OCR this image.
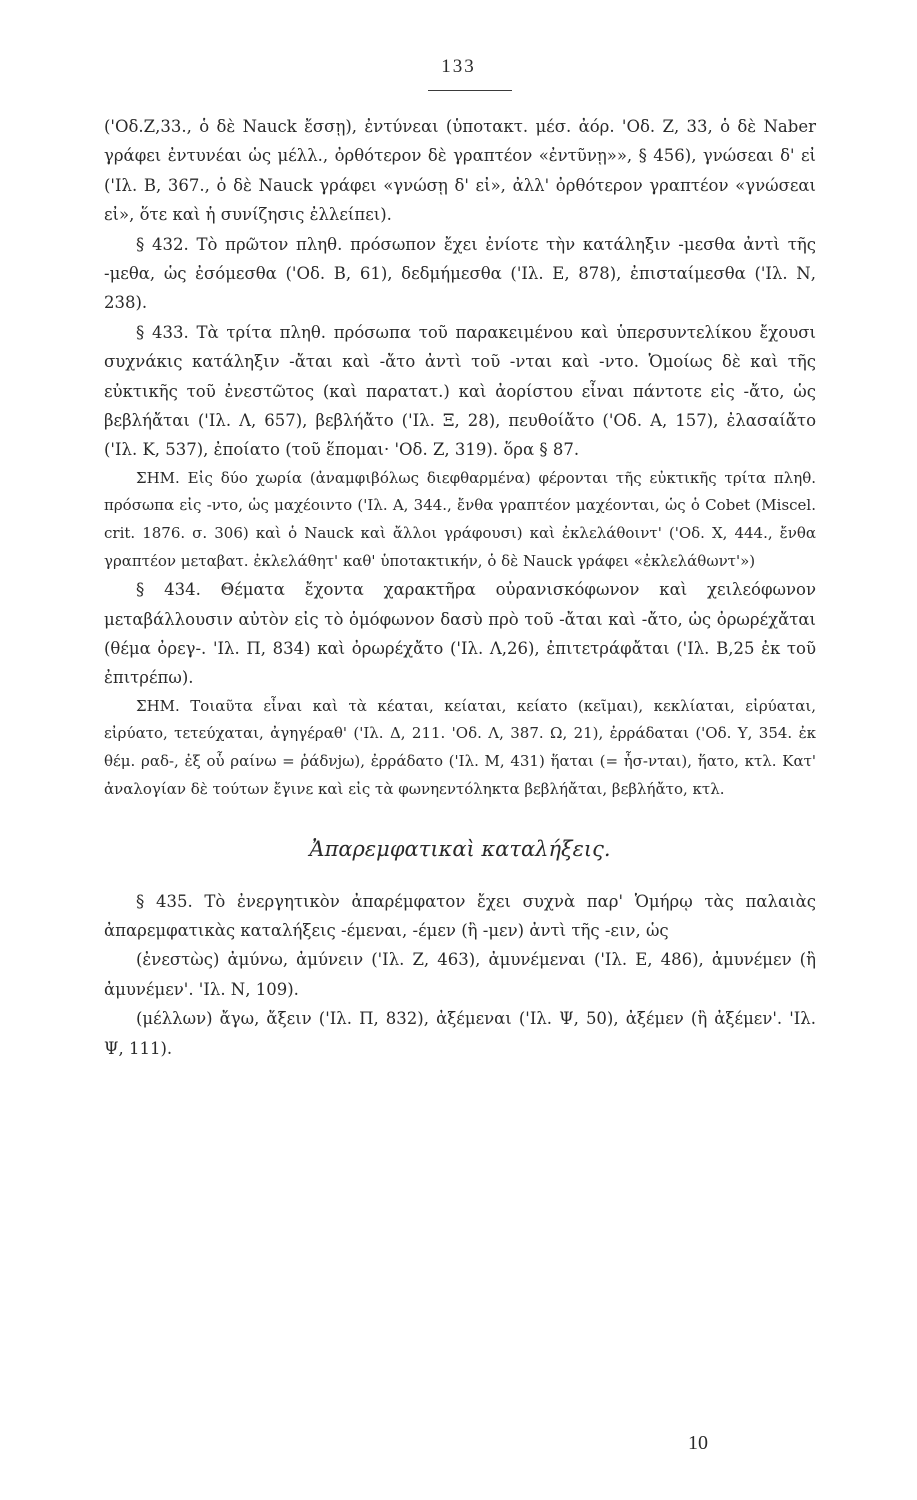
133

('Οδ.Ζ,33., ὁ δὲ Nauck ἔσσῃ), ἐντύνεαι (ὑποτακτ. μέσ. ἀόρ. 'Οδ. Ζ, 33, ὁ δὲ Naber γράφει ἐντυνέαι ὡς μέλλ., ὀρθότερον δὲ γραπτέον «ἐντῦνῃ»», § 456), γνώσεαι δ' εἰ ('Ιλ. Β, 367., ὁ δὲ Nauck γράφει «γνώσῃ δ' εἰ», ἀλλ' ὀρθότερον γραπτέον «γνώσεαι εἰ», ὅτε καὶ ἡ συνίζησις ἐλλείπει).

§ 432. Τὸ πρῶτον πληθ. πρόσωπον ἔχει ἐνίοτε τὴν κατάληξιν -μεσθα ἀντὶ τῆς -μεθα, ὡς ἐσόμεσθα ('Οδ. Β, 61), δεδμήμεσθα ('Ιλ. Ε, 878), ἐπισταίμεσθα ('Ιλ. Ν, 238).

§ 433. Τὰ τρίτα πληθ. πρόσωπα τοῦ παρακειμένου καὶ ὑπερσυντελίκου ἔχουσι συχνάκις κατάληξιν -ἄται καὶ -ἄτο ἀντὶ τοῦ -νται καὶ -ντο. Ὁμοίως δὲ καὶ τῆς εὐκτικῆς τοῦ ἐνεστῶτος (καὶ παρατατ.) καὶ ἀορίστου εἶναι πάντοτε εἰς -ἄτο, ὡς βεβλήἄται ('Ιλ. Λ, 657), βεβλήἄτο ('Ιλ. Ξ, 28), πευθοίἄτο ('Οδ. Α, 157), ἐλασαίἄτο ('Ιλ. Κ, 537), ἐποίατο (τοῦ ἕπομαι· 'Οδ. Ζ, 319). ὅρα § 87.

ΣΗΜ. Εἰς δύο χωρία (ἀναμφιβόλως διεφθαρμένα) φέρονται τῆς εὐκτικῆς τρίτα πληθ. πρόσωπα εἰς -ντο, ὡς μαχέοιντο ('Ιλ. Α, 344., ἔνθα γραπτέον μαχέονται, ὡς ὁ Cobet (Miscel. crit. 1876. σ. 306) καὶ ὁ Nauck καὶ ἄλλοι γράφουσι) καὶ ἐκλελάθοιντ' ('Οδ. Χ, 444., ἔνθα γραπτέον μεταβατ. ἐκλελάθητ' καθ' ὑποτακτικήν, ὁ δὲ Nauck γράφει «ἐκλελάθωντ'»)

§ 434. Θέματα ἔχοντα χαρακτῆρα οὐρανισκόφωνον καὶ χειλεόφωνον μεταβάλλουσιν αὐτὸν εἰς τὸ ὁμόφωνον δασὺ πρὸ τοῦ -ἄται καὶ -ἄτο, ὡς ὀρωρέχἄται (θέμα ὀρεγ-. 'Ιλ. Π, 834) καὶ ὀρωρέχἄτο ('Ιλ. Λ,26), ἐπιτετράφἄται ('Ιλ. Β,25 ἐκ τοῦ ἐπιτρέπω).

ΣΗΜ. Τοιαῦτα εἶναι καὶ τὰ κέαται, κείαται, κείατο (κεῖμαι), κεκλίαται, εἰρύαται, εἰρύατο, τετεύχαται, ἀγηγέραθ' ('Ιλ. Δ, 211. 'Οδ. Λ, 387. Ω, 21), ἐρράδαται ('Οδ. Υ, 354. ἐκ θέμ. ραδ-, ἐξ οὗ ραίνω = ῥάδνjω), ἐρράδατο ('Ιλ. Μ, 431) ἥαται (= ἧσ-νται), ἥατο, κτλ. Κατ' ἀναλογίαν δὲ τούτων ἔγινε καὶ εἰς τὰ φωνηεντόληκτα βεβλήἄται, βεβλήἄτο, κτλ.

Ἀπαρεμφατικαὶ καταλήξεις.

§ 435. Τὸ ἐνεργητικὸν ἀπαρέμφατον ἔχει συχνὰ παρ' Ὁμήρῳ τὰς παλαιὰς ἀπαρεμφατικὰς καταλήξεις -έμεναι, -έμεν (ἢ -μεν) ἀντὶ τῆς -ειν, ὡς

(ἐνεστὼς) ἀμύνω, ἀμύνειν ('Ιλ. Ζ, 463), ἀμυνέμεναι ('Ιλ. Ε, 486), ἀμυνέμεν (ἢ ἀμυνέμεν'. 'Ιλ. Ν, 109).

(μέλλων) ἄγω, ἄξειν ('Ιλ. Π, 832), ἀξέμεναι ('Ιλ. Ψ, 50), ἀξέμεν (ἢ ἀξέμεν'. 'Ιλ. Ψ, 111).

10
